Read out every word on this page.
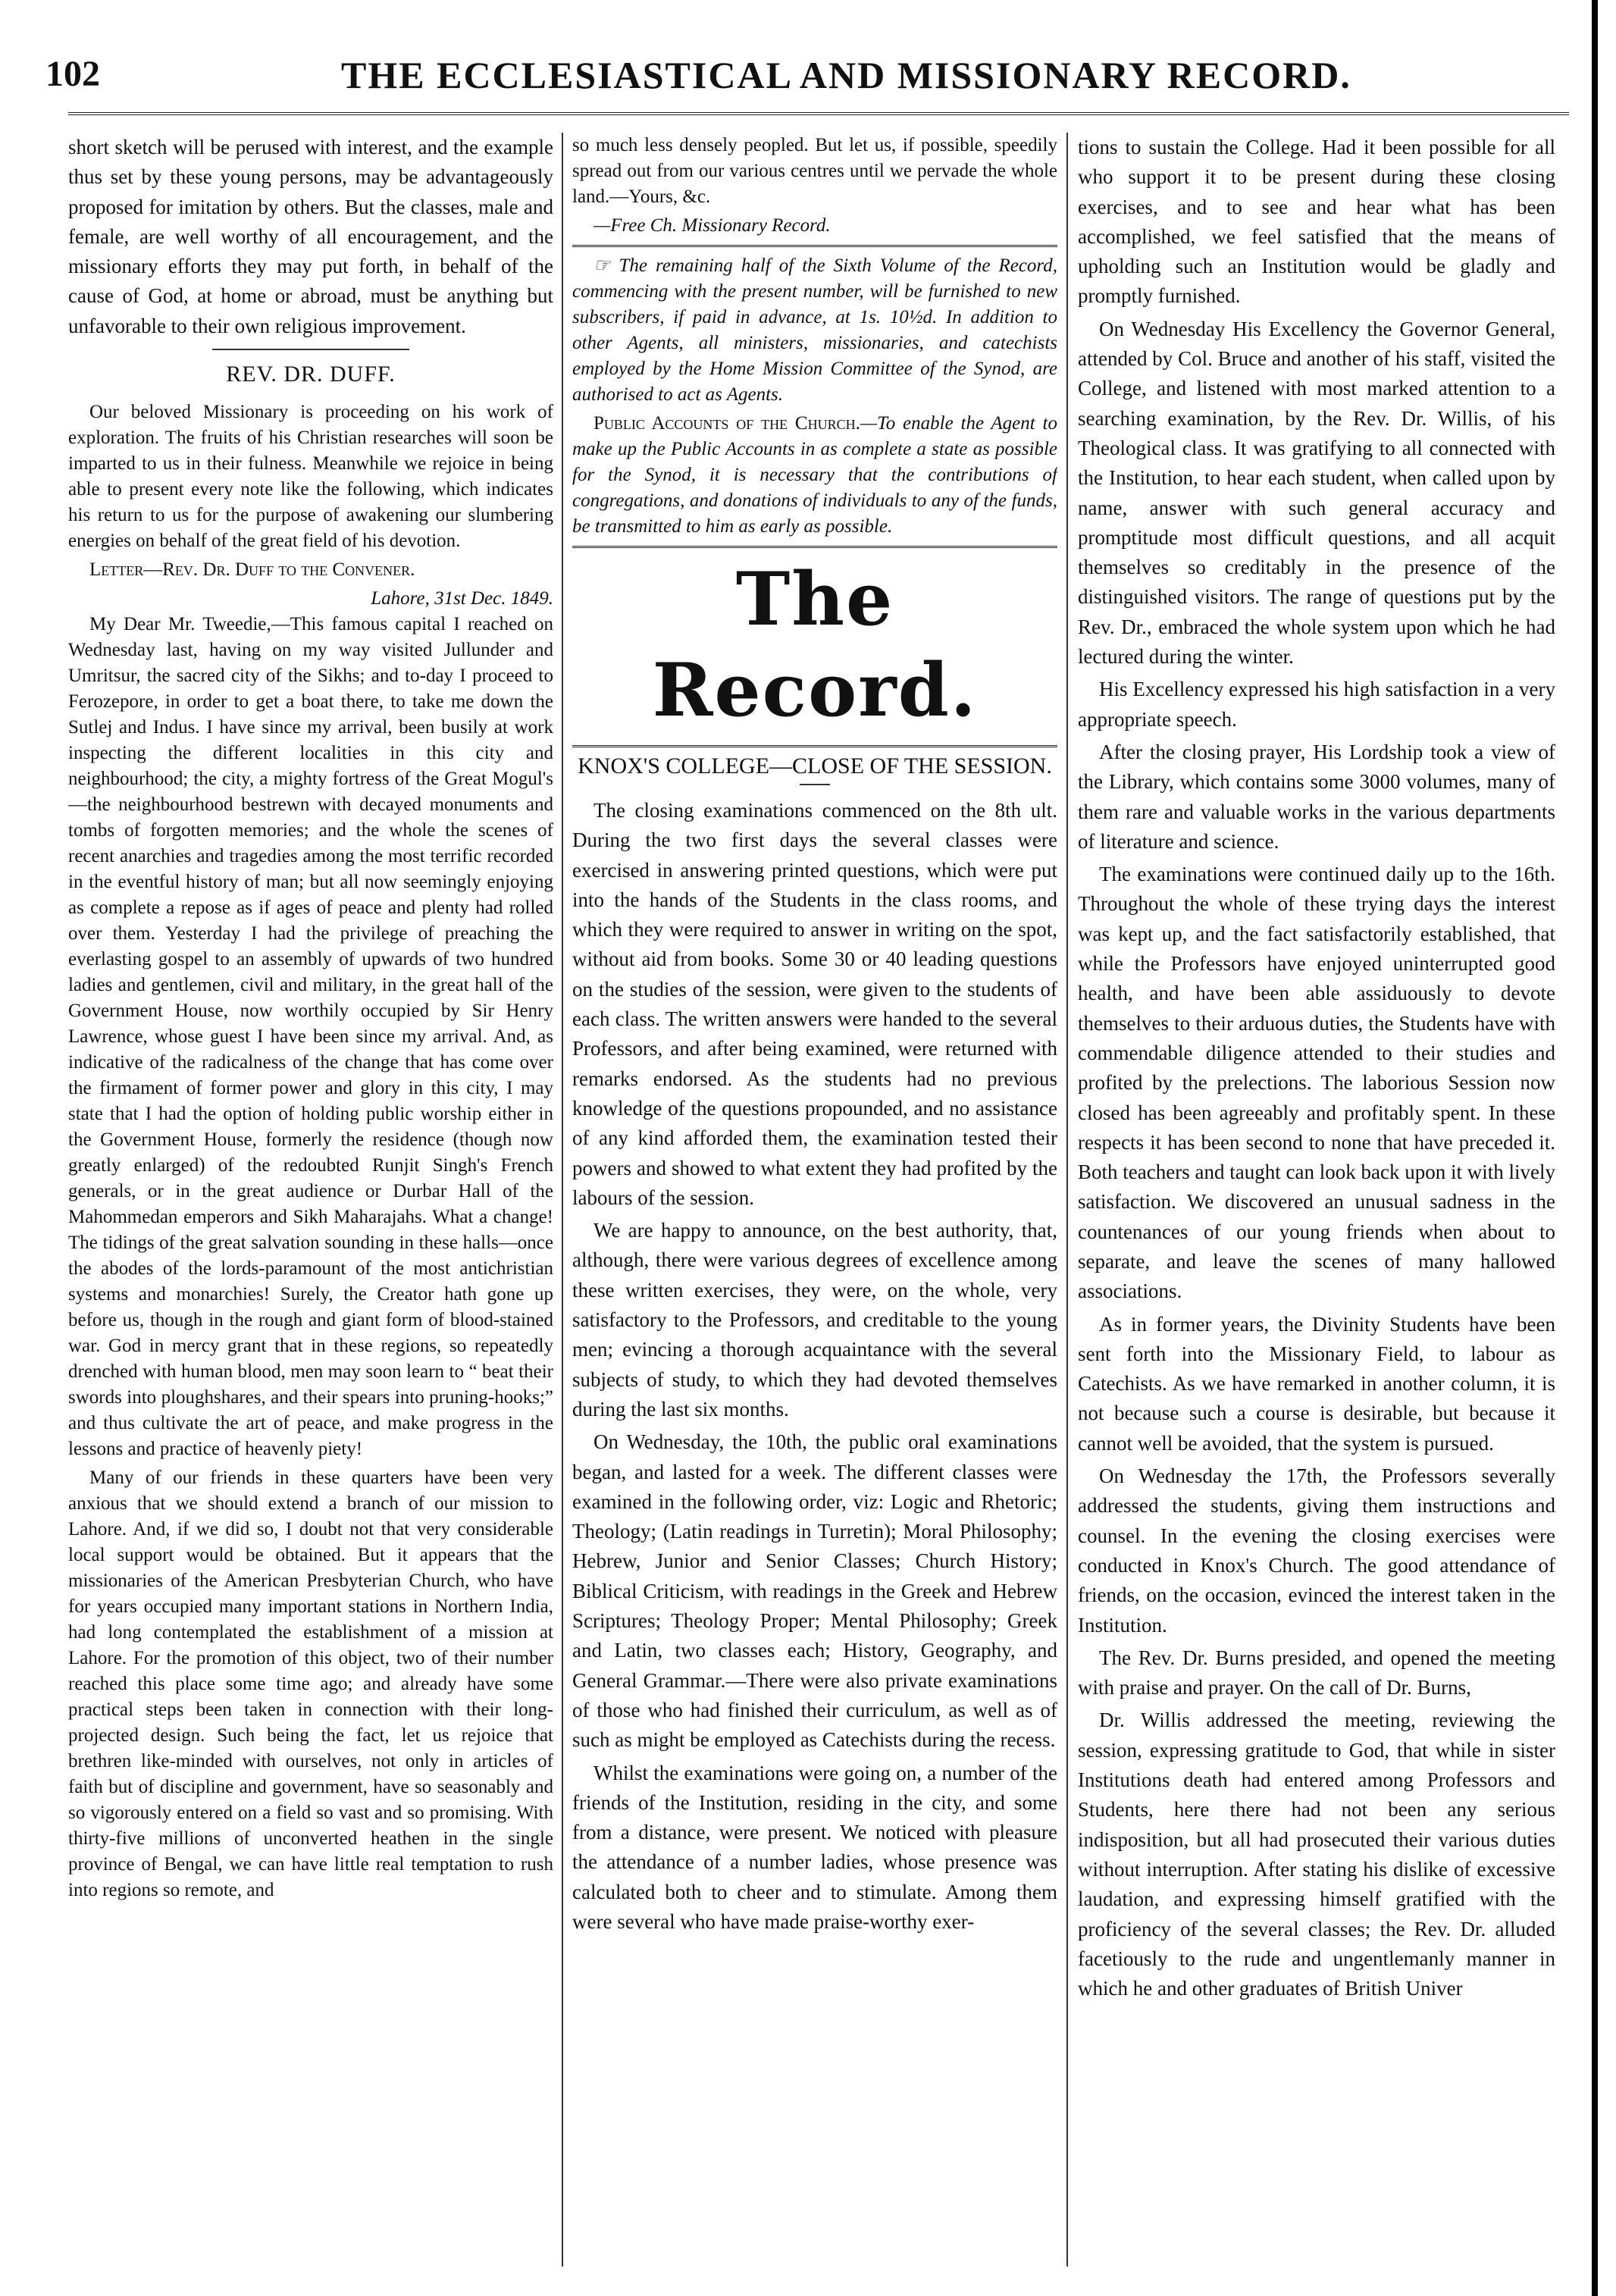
102	THE ECCLESIASTICAL AND MISSIONARY RECORD.

short sketch will be perused with interest, and the example thus set by these young persons, may be advantageously proposed for imitation by others. But the classes, male and female, are well worthy of all encouragement, and the missionary efforts they may put forth, in behalf of the cause of God, at home or abroad, must be anything but unfavorable to their own religious improvement.

REV. DR. DUFF.

Our beloved Missionary is proceeding on his work of exploration. The fruits of his Christian researches will soon be imparted to us in their fulness. Meanwhile we rejoice in being able to present every note like the following, which indicates his return to us for the purpose of awakening our slumbering energies on behalf of the great field of his devotion.

Letter—Rev. Dr. Duff to the Convener.

Lahore, 31st Dec. 1849.

My Dear Mr. Tweedie,—This famous capital I reached on Wednesday last, having on my way visited Jullunder and Umritsur, the sacred city of the Sikhs; and to-day I proceed to Ferozepore, in order to get a boat there, to take me down the Sutlej and Indus. I have since my arrival, been busily at work inspecting the different localities in this city and neighbourhood; the city, a mighty fortress of the Great Mogul's—the neighbourhood bestrewn with decayed monuments and tombs of forgotten memories; and the whole the scenes of recent anarchies and tragedies among the most terrific recorded in the eventful history of man; but all now seemingly enjoying as complete a repose as if ages of peace and plenty had rolled over them. Yesterday I had the privilege of preaching the everlasting gospel to an assembly of upwards of two hundred ladies and gentlemen, civil and military, in the great hall of the Government House, now worthily occupied by Sir Henry Lawrence, whose guest I have been since my arrival. And, as indicative of the radicalness of the change that has come over the firmament of former power and glory in this city, I may state that I had the option of holding public worship either in the Government House, formerly the residence (though now greatly enlarged) of the redoubted Runjit Singh's French generals, or in the great audience or Durbar Hall of the Mahommedan emperors and Sikh Maharajahs. What a change! The tidings of the great salvation sounding in these halls—once the abodes of the lords-paramount of the most antichristian systems and monarchies! Surely, the Creator hath gone up before us, though in the rough and giant form of blood-stained war. God in mercy grant that in these regions, so repeatedly drenched with human blood, men may soon learn to “ beat their swords into ploughshares, and their spears into pruning-hooks;” and thus cultivate the art of peace, and make progress in the lessons and practice of heavenly piety!

Many of our friends in these quarters have been very anxious that we should extend a branch of our mission to Lahore. And, if we did so, I doubt not that very considerable local support would be obtained. But it appears that the missionaries of the American Presbyterian Church, who have for years occupied many important stations in Northern India, had long contemplated the establishment of a mission at Lahore. For the promotion of this object, two of their number reached this place some time ago; and already have some practical steps been taken in connection with their long-projected design. Such being the fact, let us rejoice that brethren like-minded with ourselves, not only in articles of faith but of discipline and government, have so seasonably and so vigorously entered on a field so vast and so promising. With thirty-five millions of unconverted heathen in the single province of Bengal, we can have little real temptation to rush into regions so remote, and

so much less densely peopled. But let us, if possible, speedily spread out from our various centres until we pervade the whole land.—Yours, &c.

—Free Ch. Missionary Record.

☞ The remaining half of the Sixth Volume of the Record, commencing with the present number, will be furnished to new subscribers, if paid in advance, at 1s. 10½d. In addition to other Agents, all ministers, missionaries, and catechists employed by the Home Mission Committee of the Synod, are authorised to act as Agents.

Public Accounts of the Church.—To enable the Agent to make up the Public Accounts in as complete a state as possible for the Synod, it is necessary that the contributions of congregations, and donations of individuals to any of the funds, be transmitted to him as early as possible.

The Record.
KNOX'S COLLEGE—CLOSE OF THE SESSION.

The closing examinations commenced on the 8th ult. During the two first days the several classes were exercised in answering printed questions, which were put into the hands of the Students in the class rooms, and which they were required to answer in writing on the spot, without aid from books. Some 30 or 40 leading questions on the studies of the session, were given to the students of each class. The written answers were handed to the several Professors, and after being examined, were returned with remarks endorsed. As the students had no previous knowledge of the questions propounded, and no assistance of any kind afforded them, the examination tested their powers and showed to what extent they had profited by the labours of the session.

We are happy to announce, on the best authority, that, although, there were various degrees of excellence among these written exercises, they were, on the whole, very satisfactory to the Professors, and creditable to the young men; evincing a thorough acquaintance with the several subjects of study, to which they had devoted themselves during the last six months.

On Wednesday, the 10th, the public oral examinations began, and lasted for a week. The different classes were examined in the following order, viz: Logic and Rhetoric; Theology; (Latin readings in Turretin); Moral Philosophy; Hebrew, Junior and Senior Classes; Church History; Biblical Criticism, with readings in the Greek and Hebrew Scriptures; Theology Proper; Mental Philosophy; Greek and Latin, two classes each; History, Geography, and General Grammar.—There were also private examinations of those who had finished their curriculum, as well as of such as might be employed as Catechists during the recess.

Whilst the examinations were going on, a number of the friends of the Institution, residing in the city, and some from a distance, were present. We noticed with pleasure the attendance of a number ladies, whose presence was calculated both to cheer and to stimulate. Among them were several who have made praise-worthy exer-

tions to sustain the College. Had it been possible for all who support it to be present during these closing exercises, and to see and hear what has been accomplished, we feel satisfied that the means of upholding such an Institution would be gladly and promptly furnished.

On Wednesday His Excellency the Governor General, attended by Col. Bruce and another of his staff, visited the College, and listened with most marked attention to a searching examination, by the Rev. Dr. Willis, of his Theological class. It was gratifying to all connected with the Institution, to hear each student, when called upon by name, answer with such general accuracy and promptitude most difficult questions, and all acquit themselves so creditably in the presence of the distinguished visitors. The range of questions put by the Rev. Dr., embraced the whole system upon which he had lectured during the winter.

His Excellency expressed his high satisfaction in a very appropriate speech.

After the closing prayer, His Lordship took a view of the Library, which contains some 3000 volumes, many of them rare and valuable works in the various departments of literature and science.

The examinations were continued daily up to the 16th. Throughout the whole of these trying days the interest was kept up, and the fact satisfactorily established, that while the Professors have enjoyed uninterrupted good health, and have been able assiduously to devote themselves to their arduous duties, the Students have with commendable diligence attended to their studies and profited by the prelections. The laborious Session now closed has been agreeably and profitably spent. In these respects it has been second to none that have preceded it. Both teachers and taught can look back upon it with lively satisfaction. We discovered an unusual sadness in the countenances of our young friends when about to separate, and leave the scenes of many hallowed associations.

As in former years, the Divinity Students have been sent forth into the Missionary Field, to labour as Catechists. As we have remarked in another column, it is not because such a course is desirable, but because it cannot well be avoided, that the system is pursued.

On Wednesday the 17th, the Professors severally addressed the students, giving them instructions and counsel. In the evening the closing exercises were conducted in Knox's Church. The good attendance of friends, on the occasion, evinced the interest taken in the Institution.

The Rev. Dr. Burns presided, and opened the meeting with praise and prayer. On the call of Dr. Burns,

Dr. Willis addressed the meeting, reviewing the session, expressing gratitude to God, that while in sister Institutions death had entered among Professors and Students, here there had not been any serious indisposition, but all had prosecuted their various duties without interruption. After stating his dislike of excessive laudation, and expressing himself gratified with the proficiency of the several classes; the Rev. Dr. alluded facetiously to the rude and ungentlemanly manner in which he and other graduates of British Univer
